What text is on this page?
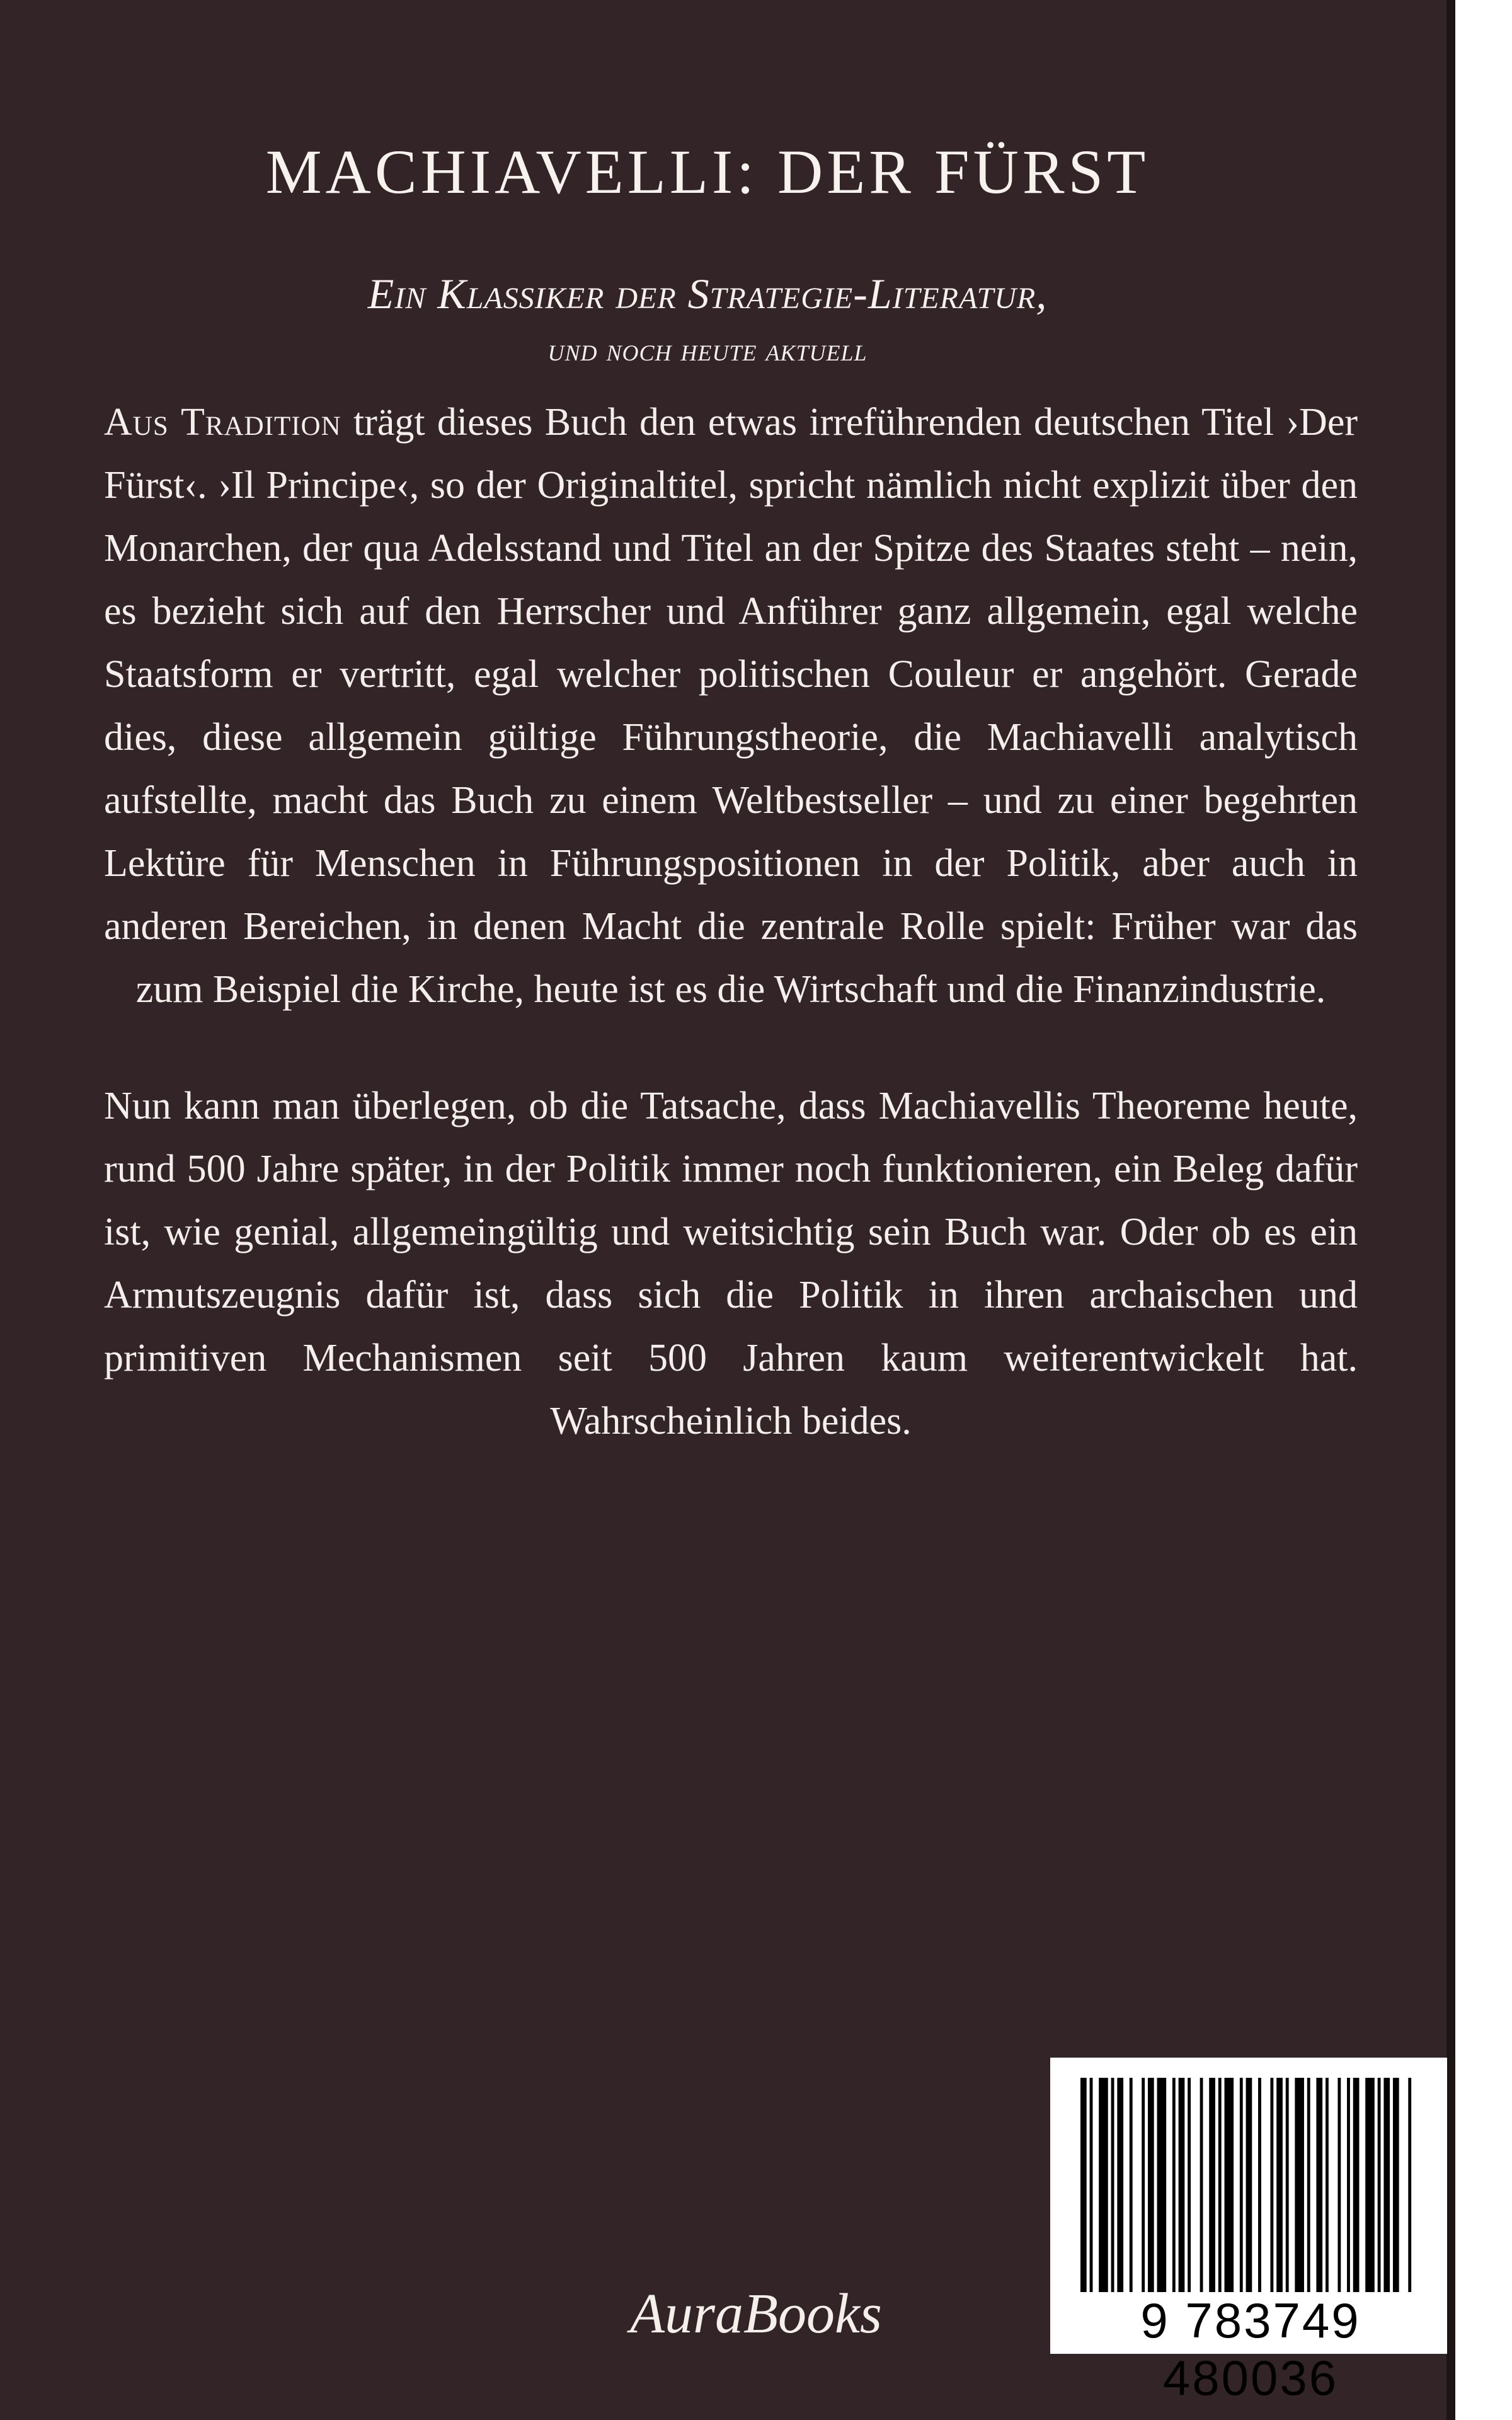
MACHIAVELLI: DER FÜRST
Ein Klassiker der Strategie-Literatur,
und noch heute aktuell

Aus Tradition trägt dieses Buch den etwas irreführenden deutschen Titel ›Der Fürst‹. ›Il Principe‹, so der Originaltitel, spricht nämlich nicht explizit über den Monarchen, der qua Adelsstand und Titel an der Spitze des Staates steht – nein, es bezieht sich auf den Herrscher und Anführer ganz allgemein, egal welche Staatsform er vertritt, egal welcher politischen Couleur er angehört. Gerade dies, diese allgemein gültige Führungstheorie, die Machiavelli analytisch aufstellte, macht das Buch zu einem Weltbestseller – und zu einer begehrten Lektüre für Menschen in Führungspositionen in der Politik, aber auch in anderen Bereichen, in denen Macht die zentrale Rolle spielt: Früher war das zum Beispiel die Kirche, heute ist es die Wirtschaft und die Finanzindustrie.

Nun kann man überlegen, ob die Tatsache, dass Machiavellis Theoreme heute, rund 500 Jahre später, in der Politik immer noch funktionieren, ein Beleg dafür ist, wie genial, allgemeingültig und weitsichtig sein Buch war. Oder ob es ein Armutszeugnis dafür ist, dass sich die Politik in ihren archaischen und primitiven Mechanismen seit 500 Jahren kaum weiterentwickelt hat. Wahrscheinlich beides.

AuraBooks	9 783749 480036
